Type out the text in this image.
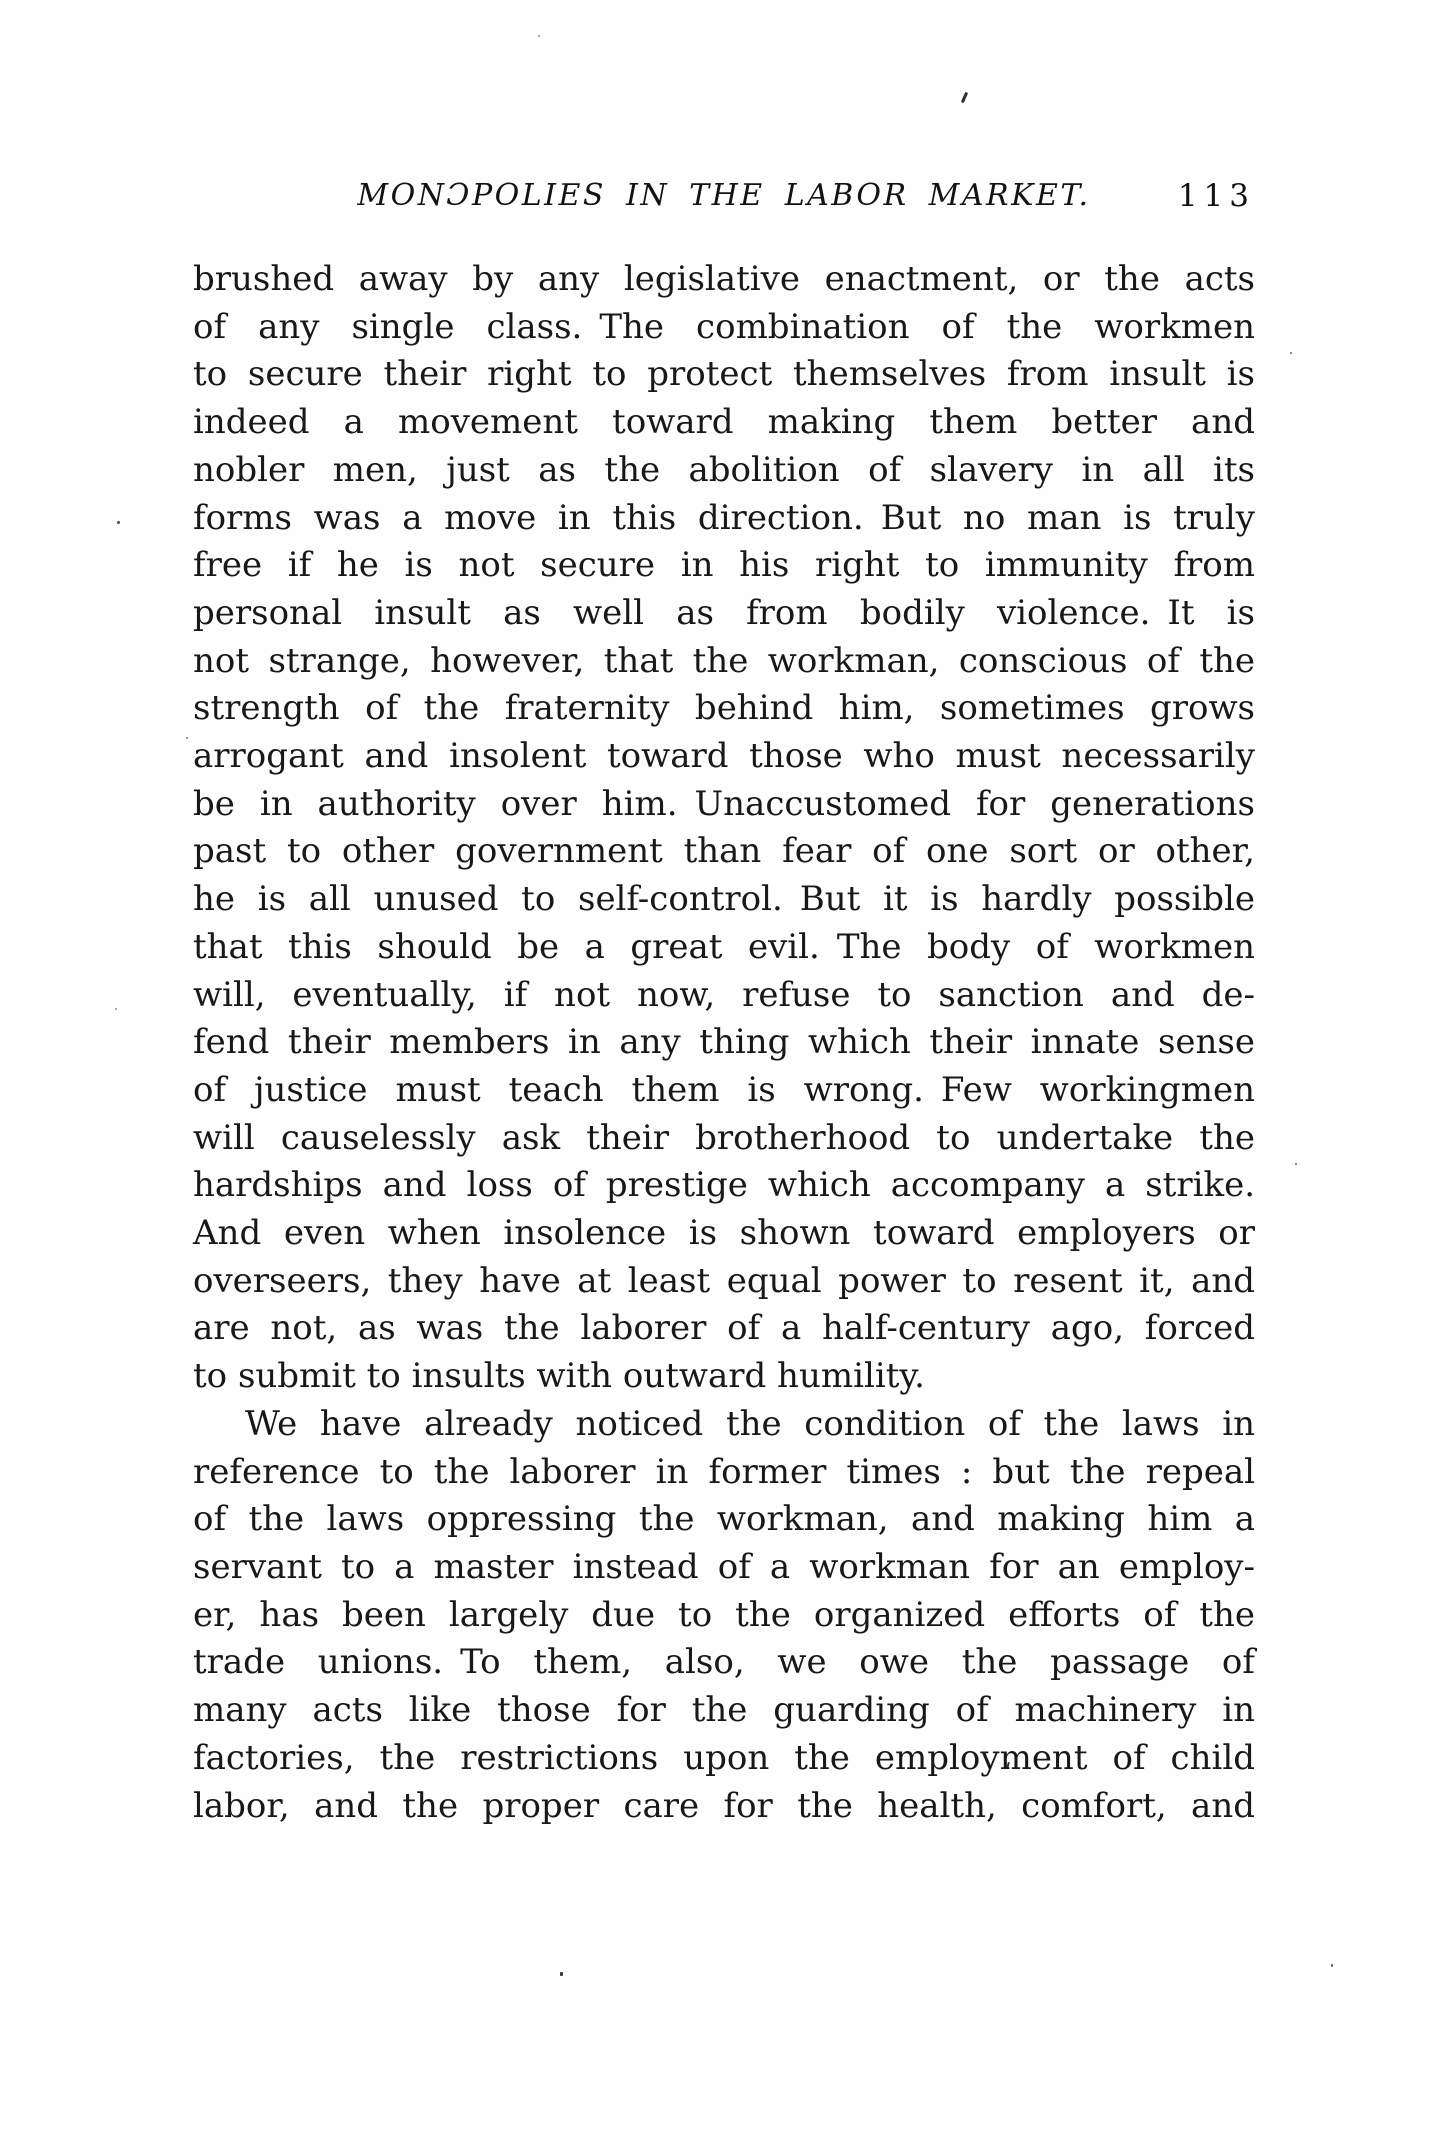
MONƆPOLIES IN THE LABOR MARKET.	113
brushed away by any legislative enactment, or the acts
of any single class. The combination of the workmen
to secure their right to protect themselves from insult is
indeed a movement toward making them better and
nobler men, just as the abolition of slavery in all its
forms was a move in this direction. But no man is truly
free if he is not secure in his right to immunity from
personal insult as well as from bodily violence. It is
not strange, however, that the workman, conscious of the
strength of the fraternity behind him, sometimes grows
arrogant and insolent toward those who must necessarily
be in authority over him. Unaccustomed for generations
past to other government than fear of one sort or other,
he is all unused to self-control. But it is hardly possible
that this should be a great evil. The body of workmen
will, eventually, if not now, refuse to sanction and de-
fend their members in any thing which their innate sense
of justice must teach them is wrong. Few workingmen
will causelessly ask their brotherhood to undertake the
hardships and loss of prestige which accompany a strike.
And even when insolence is shown toward employers or
overseers, they have at least equal power to resent it, and
are not, as was the laborer of a half-century ago, forced
to submit to insults with outward humility.
We have already noticed the condition of the laws in
reference to the laborer in former times : but the repeal
of the laws oppressing the workman, and making him a
servant to a master instead of a workman for an employ-
er, has been largely due to the organized efforts of the
trade unions. To them, also, we owe the passage of
many acts like those for the guarding of machinery in
factories, the restrictions upon the employment of child
labor, and the proper care for the health, comfort, and
